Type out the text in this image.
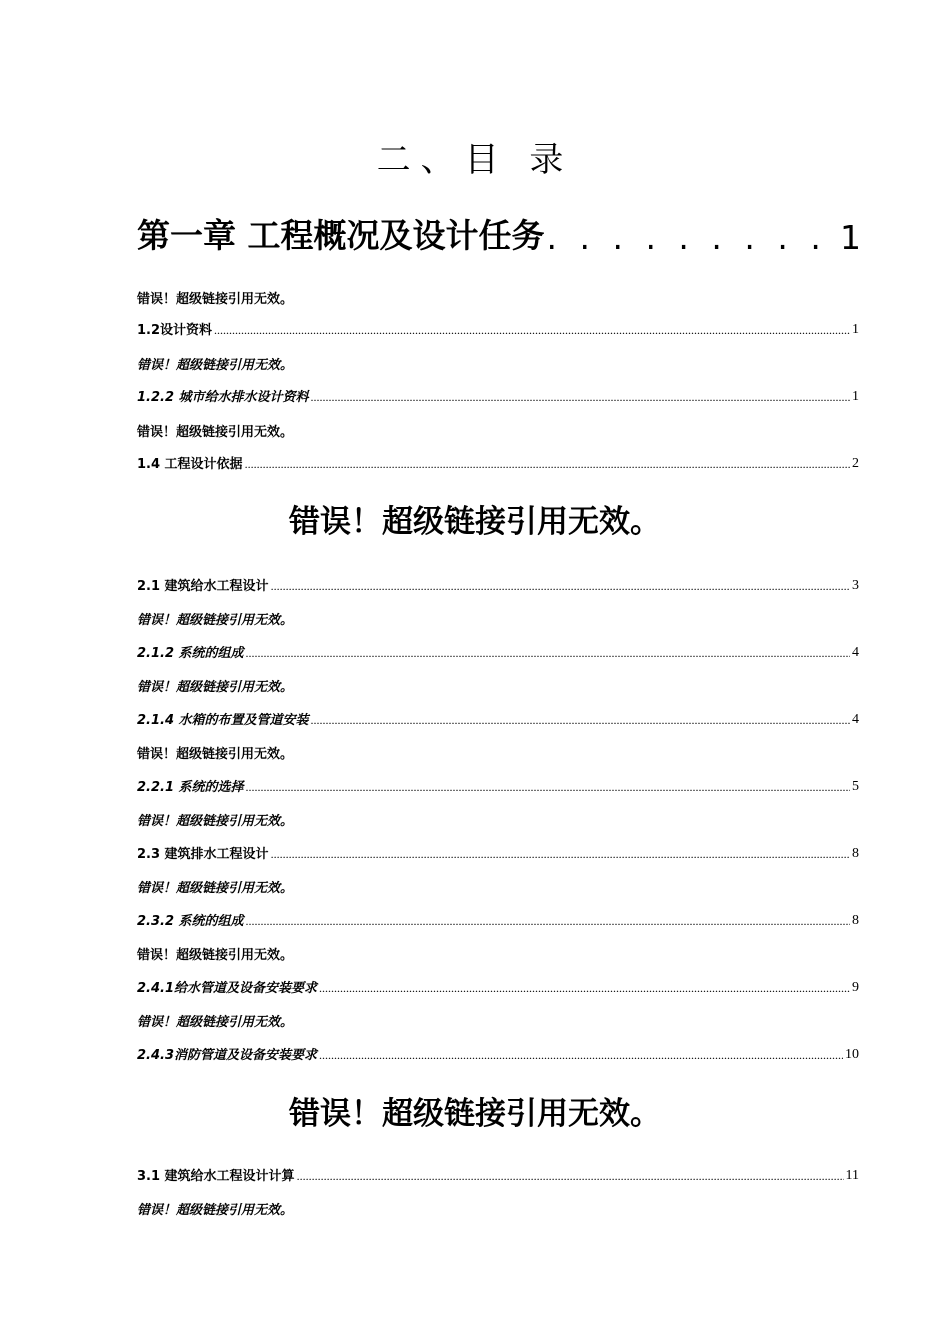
二、目 录
第一章 工程概况及设计任务 . . .	1
错误！超级链接引用无效。
1.2设计资料 .....	1
错误！超级链接引用无效。
1.2.2 城市给水排水设计资料 .....	1
错误！超级链接引用无效。
1.4 工程设计依据 .....	2
错误！超级链接引用无效。
2.1 建筑给水工程设计 .....	3
错误！超级链接引用无效。
2.1.2 系统的组成 .....	4
错误！超级链接引用无效。
2.1.4 水箱的布置及管道安装 .....	4
错误！超级链接引用无效。
2.2.1 系统的选择 .....	5
错误！超级链接引用无效。
2.3 建筑排水工程设计 .....	8
错误！超级链接引用无效。
2.3.2 系统的组成 .....	8
错误！超级链接引用无效。
2.4.1给水管道及设备安装要求 .....	9
错误！超级链接引用无效。
2.4.3消防管道及设备安装要求 .....	10
错误！超级链接引用无效。
3.1 建筑给水工程设计计算 .....	11
错误！超级链接引用无效。
